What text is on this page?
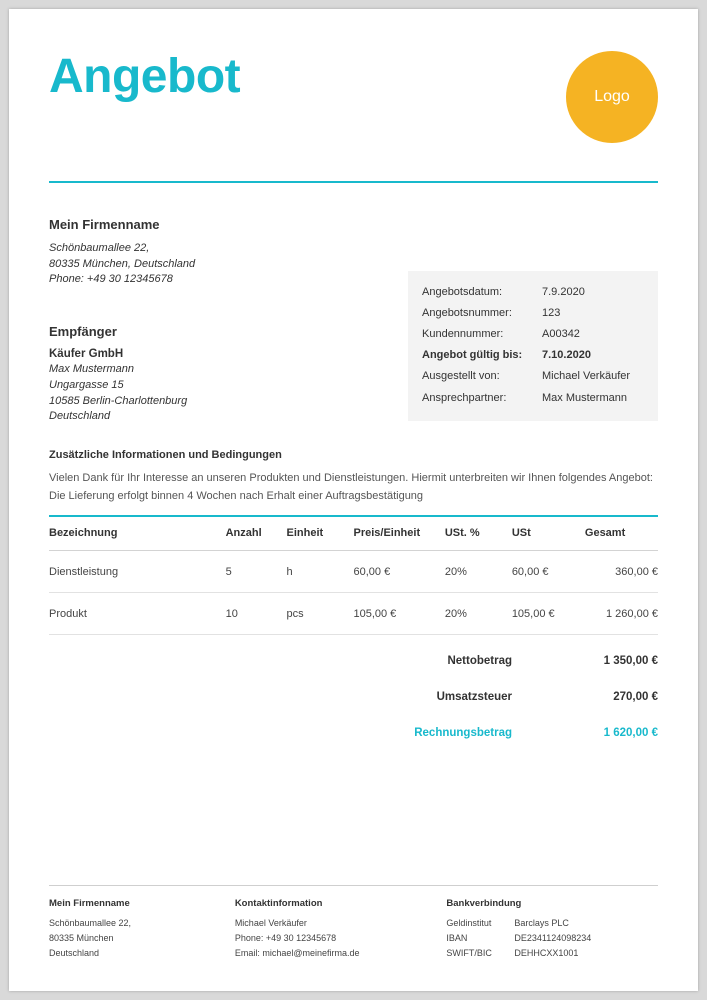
Angebot	Logo
Mein Firmenname
Schönbaumallee 22,
80335 München, Deutschland
Phone: +49 30 12345678
Empfänger
Käufer GmbH
Max Mustermann
Ungargasse 15
10585 Berlin-Charlottenburg
Deutschland
Angebotsdatum:	7.9.2020
Angebotsnummer:	123
Kundennummer:	A00342
Angebot gültig bis:	7.10.2020
Ausgestellt von:	Michael Verkäufer
Ansprechpartner:	Max Mustermann
Zusätzliche Informationen und Bedingungen
Vielen Dank für Ihr Interesse an unseren Produkten und Dienstleistungen. Hiermit unterbreiten wir Ihnen folgendes Angebot: Die Lieferung erfolgt binnen 4 Wochen nach Erhalt einer Auftragsbestätigung
Bezeichnung	Anzahl	Einheit	Preis/Einheit	USt. %	USt	Gesamt
Dienstleistung	5	h	60,00 €	20%	60,00 €	360,00 €
Produkt	10	pcs	105,00 €	20%	105,00 €	1 260,00 €
Nettobetrag	1 350,00 €
Umsatzsteuer	270,00 €
Rechnungsbetrag	1 620,00 €
Mein Firmenname
Schönbaumallee 22,
80335 München
Deutschland
Kontaktinformation
Michael Verkäufer
Phone: +49 30 12345678
Email: michael@meinefirma.de
Bankverbindung
Geldinstitut	Barclays PLC
IBAN	DE2341124098234
SWIFT/BIC	DEHHCXX1001
